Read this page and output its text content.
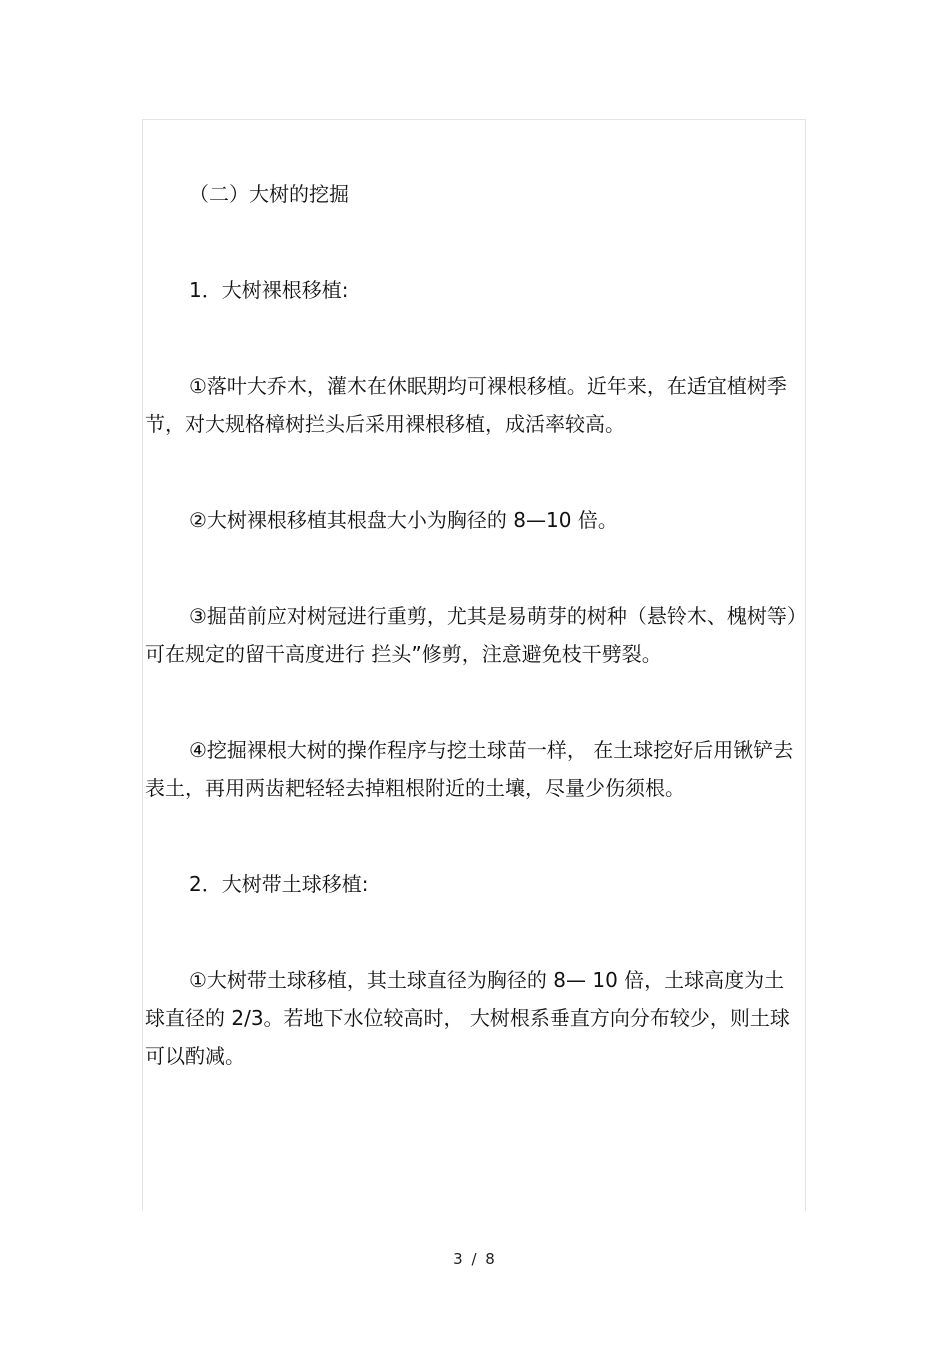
（二）大树的挖掘

1．大树裸根移植:

①落叶大乔木，灌木在休眠期均可裸根移植。近年来，在适宜植树季节，对大规格樟树拦头后采用裸根移植，成活率较高。

②大树裸根移植其根盘大小为胸径的 8—10 倍。

③掘苗前应对树冠进行重剪，尤其是易萌芽的树种（悬铃木、槐树等）可在规定的留干高度进行 拦头”修剪，注意避免枝干劈裂。

④挖掘裸根大树的操作程序与挖土球苗一样， 在土球挖好后用锹铲去表土，再用两齿耙轻轻去掉粗根附近的土壤，尽量少伤须根。

2．大树带土球移植:

①大树带土球移植，其土球直径为胸径的 8— 10 倍，土球高度为土球直径的 2/3。若地下水位较高时， 大树根系垂直方向分布较少，则土球可以酌减。

3 / 8
